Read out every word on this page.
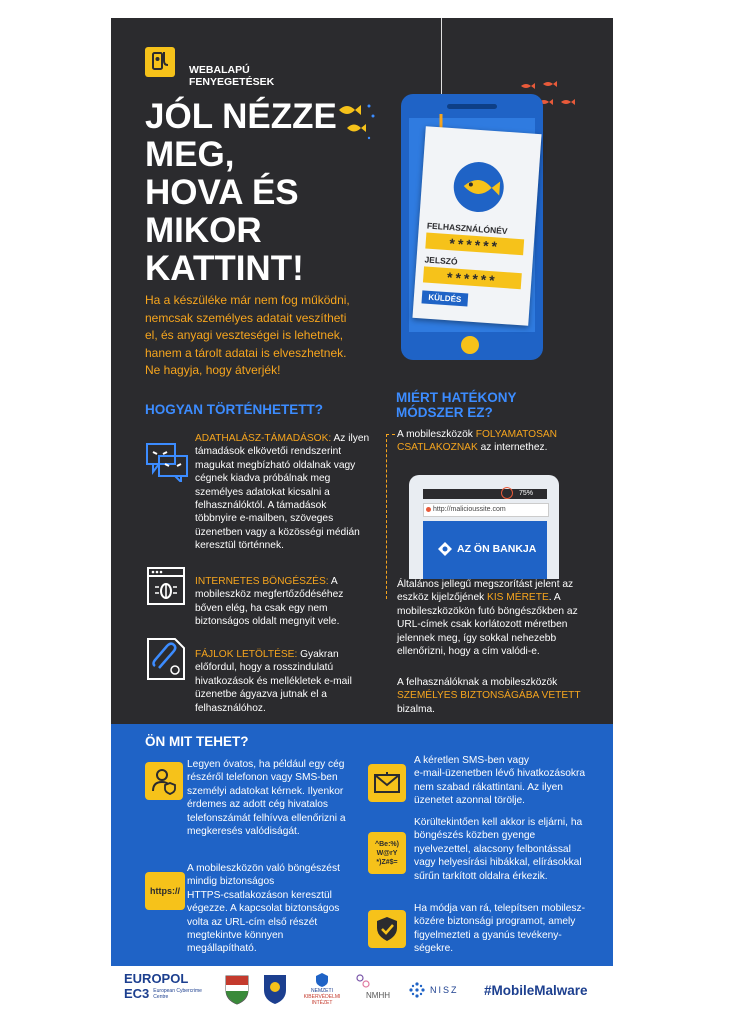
WEBALAPÚ
FENYEGETÉSEK
JÓL NÉZZE
MEG,
HOVA ÉS
MIKOR
KATTINT!
FELHASZNÁLÓNÉV
******
JELSZÓ
******
KÜLDÉS
Ha a készüléke már nem fog működni,
nemcsak személyes adatait veszítheti
el, és anyagi veszteségei is lehetnek,
hanem a tárolt adatai is elveszhetnek.
Ne hagyja, hogy átverjék!
HOGYAN TÖRTÉNHETETT?
ADATHALÁSZ-TÁMADÁSOK: Az ilyen
támadások elkövetői rendszerint
magukat megbízható oldalnak vagy
cégnek kiadva próbálnak meg
személyes adatokat kicsalni a
felhasználóktól. A támadások
többnyire e-mailben, szöveges
üzenetben vagy a közösségi médián
keresztül történnek.
INTERNETES BÖNGÉSZÉS: A
mobileszköz megfertőződéséhez
bőven elég, ha csak egy nem
biztonságos oldalt megnyit vele.
FÁJLOK LETÖLTÉSE: Gyakran
előfordul, hogy a rosszindulatú
hivatkozások és mellékletek e-mail
üzenetbe ágyazva jutnak el a
felhasználóhoz.
MIÉRT HATÉKONY
MÓDSZER EZ?
A mobileszközök FOLYAMATOSAN
CSATLAKOZNAK az internethez.
75%
http://malicioussite.com
AZ ÖN BANKJA
Általános jellegű megszorítást jelent az
eszköz kijelzőjének KIS MÉRETE. A
mobileszközökön futó böngészőkben az
URL-címek csak korlátozott méretben
jelennek meg, így sokkal nehezebb
ellenőrizni, hogy a cím valódi-e.
A felhasználóknak a mobileszközök
SZEMÉLYES BIZTONSÁGÁBA VETETT
bizalma.
ÖN MIT TEHET?
Legyen óvatos, ha például egy cég
részéről telefonon vagy SMS-ben
személyi adatokat kérnek. Ilyenkor
érdemes az adott cég hivatalos
telefonszámát felhívva ellenőrizni a
megkeresés valódiságát.
https://
A mobileszközön való böngészést
mindig biztonságos
HTTPS-csatlakozáson keresztül
végezze. A kapcsolat biztonságos
volta az URL-cím első részét
megtekintve könnyen
megállapítható.
A kéretlen SMS-ben vagy
e-mail-üzenetben lévő hivatkozásokra
nem szabad rákattintani. Az ilyen
üzenetet azonnal törölje.
^Be:%)
W@rY
*)Z#$=
Körültekintően kell akkor is eljárni, ha
böngészés közben gyenge
nyelvezettel, alacsony felbontással
vagy helyesírási hibákkal, elírásokkal
sűrűn tarkított oldalra érkezik.
Ha módja van rá, telepítsen mobilesz-
közére biztonsági programot, amely
figyelmezteti a gyanús tevékeny-
ségekre.
EUROPOL
EC3 European Cybercrime
Centre
NEMZETI
KIBERVÉDELMI INTÉZET
NMHH
NISZ #MobileMalware
